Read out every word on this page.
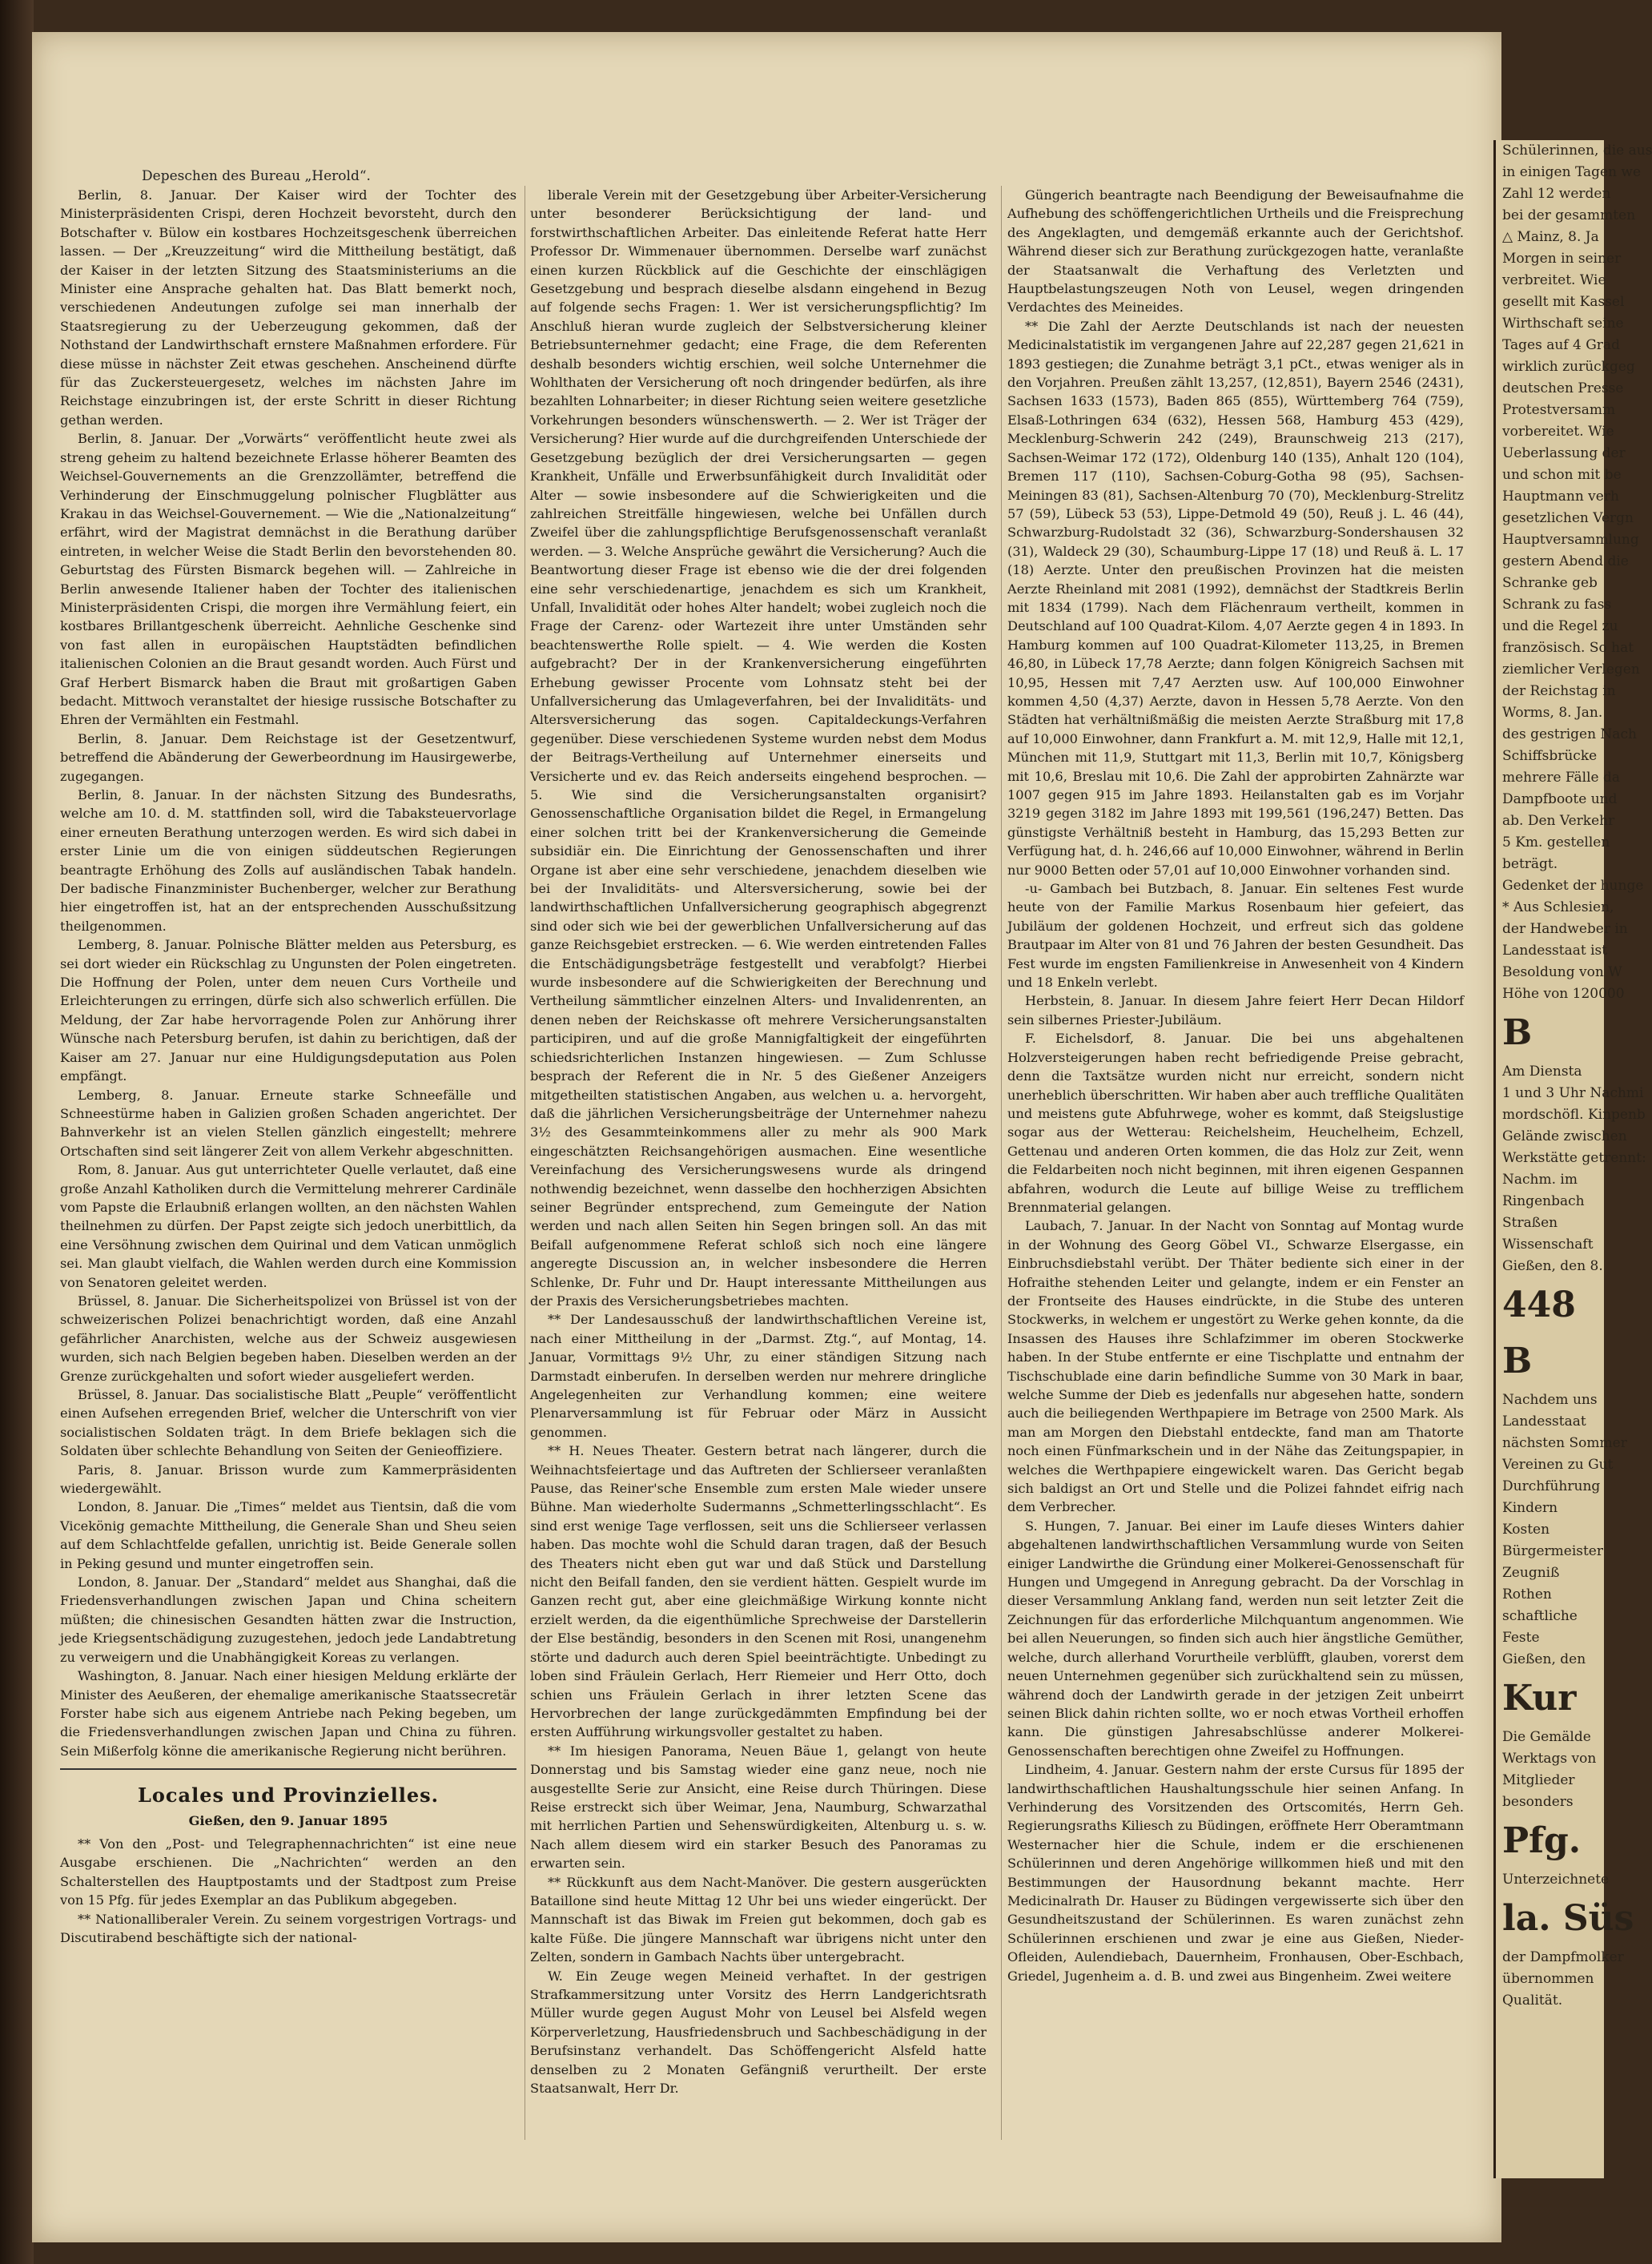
Depeschen des Bureau „Herold“.

Berlin, 8. Januar. Der Kaiser wird der Tochter des Ministerpräsidenten Crispi, deren Hochzeit bevorsteht, durch den Botschafter v. Bülow ein kostbares Hochzeitsgeschenk überreichen lassen. — Der „Kreuzzeitung“ wird die Mittheilung bestätigt, daß der Kaiser in der letzten Sitzung des Staatsministeriums an die Minister eine Ansprache gehalten hat. Das Blatt bemerkt noch, verschiedenen Andeutungen zufolge sei man innerhalb der Staatsregierung zu der Ueberzeugung gekommen, daß der Nothstand der Landwirthschaft ernstere Maßnahmen erfordere. Für diese müsse in nächster Zeit etwas geschehen. Anscheinend dürfte für das Zuckersteuergesetz, welches im nächsten Jahre im Reichstage einzubringen ist, der erste Schritt in dieser Richtung gethan werden.

Berlin, 8. Januar. Der „Vorwärts“ veröffentlicht heute zwei als streng geheim zu haltend bezeichnete Erlasse höherer Beamten des Weichsel-Gouvernements an die Grenzzollämter, betreffend die Verhinderung der Einschmuggelung polnischer Flugblätter aus Krakau in das Weichsel-Gouvernement. — Wie die „Nationalzeitung“ erfährt, wird der Magistrat demnächst in die Berathung darüber eintreten, in welcher Weise die Stadt Berlin den bevorstehenden 80. Geburtstag des Fürsten Bismarck begehen will. — Zahlreiche in Berlin anwesende Italiener haben der Tochter des italienischen Ministerpräsidenten Crispi, die morgen ihre Vermählung feiert, ein kostbares Brillantgeschenk überreicht. Aehnliche Geschenke sind von fast allen in europäischen Hauptstädten befindlichen italienischen Colonien an die Braut gesandt worden. Auch Fürst und Graf Herbert Bismarck haben die Braut mit großartigen Gaben bedacht. Mittwoch veranstaltet der hiesige russische Botschafter zu Ehren der Vermählten ein Festmahl.

Berlin, 8. Januar. Dem Reichstage ist der Gesetzentwurf, betreffend die Abänderung der Gewerbeordnung im Hausirgewerbe, zugegangen.

Berlin, 8. Januar. In der nächsten Sitzung des Bundesraths, welche am 10. d. M. stattfinden soll, wird die Tabaksteuervorlage einer erneuten Berathung unterzogen werden. Es wird sich dabei in erster Linie um die von einigen süddeutschen Regierungen beantragte Erhöhung des Zolls auf ausländischen Tabak handeln. Der badische Finanzminister Buchenberger, welcher zur Berathung hier eingetroffen ist, hat an der entsprechenden Ausschußsitzung theilgenommen.

Lemberg, 8. Januar. Polnische Blätter melden aus Petersburg, es sei dort wieder ein Rückschlag zu Ungunsten der Polen eingetreten. Die Hoffnung der Polen, unter dem neuen Curs Vortheile und Erleichterungen zu erringen, dürfe sich also schwerlich erfüllen. Die Meldung, der Zar habe hervorragende Polen zur Anhörung ihrer Wünsche nach Petersburg berufen, ist dahin zu berichtigen, daß der Kaiser am 27. Januar nur eine Huldigungsdeputation aus Polen empfängt.

Lemberg, 8. Januar. Erneute starke Schneefälle und Schneestürme haben in Galizien großen Schaden angerichtet. Der Bahnverkehr ist an vielen Stellen gänzlich eingestellt; mehrere Ortschaften sind seit längerer Zeit von allem Verkehr abgeschnitten.

Rom, 8. Januar. Aus gut unterrichteter Quelle verlautet, daß eine große Anzahl Katholiken durch die Vermittelung mehrerer Cardinäle vom Papste die Erlaubniß erlangen wollten, an den nächsten Wahlen theilnehmen zu dürfen. Der Papst zeigte sich jedoch unerbittlich, da eine Versöhnung zwischen dem Quirinal und dem Vatican unmöglich sei. Man glaubt vielfach, die Wahlen werden durch eine Kommission von Senatoren geleitet werden.

Brüssel, 8. Januar. Die Sicherheitspolizei von Brüssel ist von der schweizerischen Polizei benachrichtigt worden, daß eine Anzahl gefährlicher Anarchisten, welche aus der Schweiz ausgewiesen wurden, sich nach Belgien begeben haben. Dieselben werden an der Grenze zurückgehalten und sofort wieder ausgeliefert werden.

Brüssel, 8. Januar. Das socialistische Blatt „Peuple“ veröffentlicht einen Aufsehen erregenden Brief, welcher die Unterschrift von vier socialistischen Soldaten trägt. In dem Briefe beklagen sich die Soldaten über schlechte Behandlung von Seiten der Genieoffiziere.

Paris, 8. Januar. Brisson wurde zum Kammerpräsidenten wiedergewählt.

London, 8. Januar. Die „Times“ meldet aus Tientsin, daß die vom Vicekönig gemachte Mittheilung, die Generale Shan und Sheu seien auf dem Schlachtfelde gefallen, unrichtig ist. Beide Generale sollen in Peking gesund und munter eingetroffen sein.

London, 8. Januar. Der „Standard“ meldet aus Shanghai, daß die Friedensverhandlungen zwischen Japan und China scheitern müßten; die chinesischen Gesandten hätten zwar die Instruction, jede Kriegsentschädigung zuzugestehen, jedoch jede Landabtretung zu verweigern und die Unabhängigkeit Koreas zu verlangen.

Washington, 8. Januar. Nach einer hiesigen Meldung erklärte der Minister des Aeußeren, der ehemalige amerikanische Staatssecretär Forster habe sich aus eigenem Antriebe nach Peking begeben, um die Friedensverhandlungen zwischen Japan und China zu führen. Sein Mißerfolg könne die amerikanische Regierung nicht berühren.

Locales und Provinzielles.
Gießen, den 9. Januar 1895

** Von den „Post- und Telegraphennachrichten“ ist eine neue Ausgabe erschienen. Die „Nachrichten“ werden an den Schalterstellen des Hauptpostamts und der Stadtpost zum Preise von 15 Pfg. für jedes Exemplar an das Publikum abgegeben.

** Nationalliberaler Verein. Zu seinem vorgestrigen Vortrags- und Discutirabend beschäftigte sich der national-

liberale Verein mit der Gesetzgebung über Arbeiter-Versicherung unter besonderer Berücksichtigung der land- und forstwirthschaftlichen Arbeiter. Das einleitende Referat hatte Herr Professor Dr. Wimmenauer übernommen. Derselbe warf zunächst einen kurzen Rückblick auf die Geschichte der einschlägigen Gesetzgebung und besprach dieselbe alsdann eingehend in Bezug auf folgende sechs Fragen: 1. Wer ist versicherungspflichtig? Im Anschluß hieran wurde zugleich der Selbstversicherung kleiner Betriebsunternehmer gedacht; eine Frage, die dem Referenten deshalb besonders wichtig erschien, weil solche Unternehmer die Wohlthaten der Versicherung oft noch dringender bedürfen, als ihre bezahlten Lohnarbeiter; in dieser Richtung seien weitere gesetzliche Vorkehrungen besonders wünschenswerth. — 2. Wer ist Träger der Versicherung? Hier wurde auf die durchgreifenden Unterschiede der Gesetzgebung bezüglich der drei Versicherungsarten — gegen Krankheit, Unfälle und Erwerbsunfähigkeit durch Invalidität oder Alter — sowie insbesondere auf die Schwierigkeiten und die zahlreichen Streitfälle hingewiesen, welche bei Unfällen durch Zweifel über die zahlungspflichtige Berufsgenossenschaft veranlaßt werden. — 3. Welche Ansprüche gewährt die Versicherung? Auch die Beantwortung dieser Frage ist ebenso wie die der drei folgenden eine sehr verschiedenartige, jenachdem es sich um Krankheit, Unfall, Invalidität oder hohes Alter handelt; wobei zugleich noch die Frage der Carenz- oder Wartezeit ihre unter Umständen sehr beachtenswerthe Rolle spielt. — 4. Wie werden die Kosten aufgebracht? Der in der Krankenversicherung eingeführten Erhebung gewisser Procente vom Lohnsatz steht bei der Unfallversicherung das Umlageverfahren, bei der Invaliditäts- und Altersversicherung das sogen. Capitaldeckungs-Verfahren gegenüber. Diese verschiedenen Systeme wurden nebst dem Modus der Beitrags-Vertheilung auf Unternehmer einerseits und Versicherte und ev. das Reich anderseits eingehend besprochen. — 5. Wie sind die Versicherungsanstalten organisirt? Genossenschaftliche Organisation bildet die Regel, in Ermangelung einer solchen tritt bei der Krankenversicherung die Gemeinde subsidiär ein. Die Einrichtung der Genossenschaften und ihrer Organe ist aber eine sehr verschiedene, jenachdem dieselben wie bei der Invaliditäts- und Altersversicherung, sowie bei der landwirthschaftlichen Unfallversicherung geographisch abgegrenzt sind oder sich wie bei der gewerblichen Unfallversicherung auf das ganze Reichsgebiet erstrecken. — 6. Wie werden eintretenden Falles die Entschädigungsbeträge festgestellt und verabfolgt? Hierbei wurde insbesondere auf die Schwierigkeiten der Berechnung und Vertheilung sämmtlicher einzelnen Alters- und Invalidenrenten, an denen neben der Reichskasse oft mehrere Versicherungsanstalten participiren, und auf die große Mannigfaltigkeit der eingeführten schiedsrichterlichen Instanzen hingewiesen. — Zum Schlusse besprach der Referent die in Nr. 5 des Gießener Anzeigers mitgetheilten statistischen Angaben, aus welchen u. a. hervorgeht, daß die jährlichen Versicherungsbeiträge der Unternehmer nahezu 3½ des Gesammteinkommens aller zu mehr als 900 Mark eingeschätzten Reichsangehörigen ausmachen. Eine wesentliche Vereinfachung des Versicherungswesens wurde als dringend nothwendig bezeichnet, wenn dasselbe den hochherzigen Absichten seiner Begründer entsprechend, zum Gemeingute der Nation werden und nach allen Seiten hin Segen bringen soll. An das mit Beifall aufgenommene Referat schloß sich noch eine längere angeregte Discussion an, in welcher insbesondere die Herren Schlenke, Dr. Fuhr und Dr. Haupt interessante Mittheilungen aus der Praxis des Versicherungsbetriebes machten.

** Der Landesausschuß der landwirthschaftlichen Vereine ist, nach einer Mittheilung in der „Darmst. Ztg.“, auf Montag, 14. Januar, Vormittags 9½ Uhr, zu einer ständigen Sitzung nach Darmstadt einberufen. In derselben werden nur mehrere dringliche Angelegenheiten zur Verhandlung kommen; eine weitere Plenarversammlung ist für Februar oder März in Aussicht genommen.

** H. Neues Theater. Gestern betrat nach längerer, durch die Weihnachtsfeiertage und das Auftreten der Schlierseer veranlaßten Pause, das Reiner'sche Ensemble zum ersten Male wieder unsere Bühne. Man wiederholte Sudermanns „Schmetterlingsschlacht“. Es sind erst wenige Tage verflossen, seit uns die Schlierseer verlassen haben. Das mochte wohl die Schuld daran tragen, daß der Besuch des Theaters nicht eben gut war und daß Stück und Darstellung nicht den Beifall fanden, den sie verdient hätten. Gespielt wurde im Ganzen recht gut, aber eine gleichmäßige Wirkung konnte nicht erzielt werden, da die eigenthümliche Sprechweise der Darstellerin der Else beständig, besonders in den Scenen mit Rosi, unangenehm störte und dadurch auch deren Spiel beeinträchtigte. Unbedingt zu loben sind Fräulein Gerlach, Herr Riemeier und Herr Otto, doch schien uns Fräulein Gerlach in ihrer letzten Scene das Hervorbrechen der lange zurückgedämmten Empfindung bei der ersten Aufführung wirkungsvoller gestaltet zu haben.

** Im hiesigen Panorama, Neuen Bäue 1, gelangt von heute Donnerstag und bis Samstag wieder eine ganz neue, noch nie ausgestellte Serie zur Ansicht, eine Reise durch Thüringen. Diese Reise erstreckt sich über Weimar, Jena, Naumburg, Schwarzathal mit herrlichen Partien und Sehenswürdigkeiten, Altenburg u. s. w. Nach allem diesem wird ein starker Besuch des Panoramas zu erwarten sein.

** Rückkunft aus dem Nacht-Manöver. Die gestern ausgerückten Bataillone sind heute Mittag 12 Uhr bei uns wieder eingerückt. Der Mannschaft ist das Biwak im Freien gut bekommen, doch gab es kalte Füße. Die jüngere Mannschaft war übrigens nicht unter den Zelten, sondern in Gambach Nachts über untergebracht.

W. Ein Zeuge wegen Meineid verhaftet. In der gestrigen Strafkammersitzung unter Vorsitz des Herrn Landgerichtsrath Müller wurde gegen August Mohr von Leusel bei Alsfeld wegen Körperverletzung, Hausfriedensbruch und Sachbeschädigung in der Berufsinstanz verhandelt. Das Schöffengericht Alsfeld hatte denselben zu 2 Monaten Gefängniß verurtheilt. Der erste Staatsanwalt, Herr Dr.

Güngerich beantragte nach Beendigung der Beweisaufnahme die Aufhebung des schöffengerichtlichen Urtheils und die Freisprechung des Angeklagten, und demgemäß erkannte auch der Gerichtshof. Während dieser sich zur Berathung zurückgezogen hatte, veranlaßte der Staatsanwalt die Verhaftung des Verletzten und Hauptbelastungszeugen Noth von Leusel, wegen dringenden Verdachtes des Meineides.

** Die Zahl der Aerzte Deutschlands ist nach der neuesten Medicinalstatistik im vergangenen Jahre auf 22,287 gegen 21,621 in 1893 gestiegen; die Zunahme beträgt 3,1 pCt., etwas weniger als in den Vorjahren. Preußen zählt 13,257, (12,851), Bayern 2546 (2431), Sachsen 1633 (1573), Baden 865 (855), Württemberg 764 (759), Elsaß-Lothringen 634 (632), Hessen 568, Hamburg 453 (429), Mecklenburg-Schwerin 242 (249), Braunschweig 213 (217), Sachsen-Weimar 172 (172), Oldenburg 140 (135), Anhalt 120 (104), Bremen 117 (110), Sachsen-Coburg-Gotha 98 (95), Sachsen-Meiningen 83 (81), Sachsen-Altenburg 70 (70), Mecklenburg-Strelitz 57 (59), Lübeck 53 (53), Lippe-Detmold 49 (50), Reuß j. L. 46 (44), Schwarzburg-Rudolstadt 32 (36), Schwarzburg-Sondershausen 32 (31), Waldeck 29 (30), Schaumburg-Lippe 17 (18) und Reuß ä. L. 17 (18) Aerzte. Unter den preußischen Provinzen hat die meisten Aerzte Rheinland mit 2081 (1992), demnächst der Stadtkreis Berlin mit 1834 (1799). Nach dem Flächenraum vertheilt, kommen in Deutschland auf 100 Quadrat-Kilom. 4,07 Aerzte gegen 4 in 1893. In Hamburg kommen auf 100 Quadrat-Kilometer 113,25, in Bremen 46,80, in Lübeck 17,78 Aerzte; dann folgen Königreich Sachsen mit 10,95, Hessen mit 7,47 Aerzten usw. Auf 100,000 Einwohner kommen 4,50 (4,37) Aerzte, davon in Hessen 5,78 Aerzte. Von den Städten hat verhältnißmäßig die meisten Aerzte Straßburg mit 17,8 auf 10,000 Einwohner, dann Frankfurt a. M. mit 12,9, Halle mit 12,1, München mit 11,9, Stuttgart mit 11,3, Berlin mit 10,7, Königsberg mit 10,6, Breslau mit 10,6. Die Zahl der approbirten Zahnärzte war 1007 gegen 915 im Jahre 1893. Heilanstalten gab es im Vorjahr 3219 gegen 3182 im Jahre 1893 mit 199,561 (196,247) Betten. Das günstigste Verhältniß besteht in Hamburg, das 15,293 Betten zur Verfügung hat, d. h. 246,66 auf 10,000 Einwohner, während in Berlin nur 9000 Betten oder 57,01 auf 10,000 Einwohner vorhanden sind.

-u- Gambach bei Butzbach, 8. Januar. Ein seltenes Fest wurde heute von der Familie Markus Rosenbaum hier gefeiert, das Jubiläum der goldenen Hochzeit, und erfreut sich das goldene Brautpaar im Alter von 81 und 76 Jahren der besten Gesundheit. Das Fest wurde im engsten Familienkreise in Anwesenheit von 4 Kindern und 18 Enkeln verlebt.

Herbstein, 8. Januar. In diesem Jahre feiert Herr Decan Hildorf sein silbernes Priester-Jubiläum.

F. Eichelsdorf, 8. Januar. Die bei uns abgehaltenen Holzversteigerungen haben recht befriedigende Preise gebracht, denn die Taxtsätze wurden nicht nur erreicht, sondern nicht unerheblich überschritten. Wir haben aber auch treffliche Qualitäten und meistens gute Abfuhrwege, woher es kommt, daß Steigslustige sogar aus der Wetterau: Reichelsheim, Heuchelheim, Echzell, Gettenau und anderen Orten kommen, die das Holz zur Zeit, wenn die Feldarbeiten noch nicht beginnen, mit ihren eigenen Gespannen abfahren, wodurch die Leute auf billige Weise zu trefflichem Brennmaterial gelangen.

Laubach, 7. Januar. In der Nacht von Sonntag auf Montag wurde in der Wohnung des Georg Göbel VI., Schwarze Elsergasse, ein Einbruchsdiebstahl verübt. Der Thäter bediente sich einer in der Hofraithe stehenden Leiter und gelangte, indem er ein Fenster an der Frontseite des Hauses eindrückte, in die Stube des unteren Stockwerks, in welchem er ungestört zu Werke gehen konnte, da die Insassen des Hauses ihre Schlafzimmer im oberen Stockwerke haben. In der Stube entfernte er eine Tischplatte und entnahm der Tischschublade eine darin befindliche Summe von 30 Mark in baar, welche Summe der Dieb es jedenfalls nur abgesehen hatte, sondern auch die beiliegenden Werthpapiere im Betrage von 2500 Mark. Als man am Morgen den Diebstahl entdeckte, fand man am Thatorte noch einen Fünfmarkschein und in der Nähe das Zeitungspapier, in welches die Werthpapiere eingewickelt waren. Das Gericht begab sich baldigst an Ort und Stelle und die Polizei fahndet eifrig nach dem Verbrecher.

S. Hungen, 7. Januar. Bei einer im Laufe dieses Winters dahier abgehaltenen landwirthschaftlichen Versammlung wurde von Seiten einiger Landwirthe die Gründung einer Molkerei-Genossenschaft für Hungen und Umgegend in Anregung gebracht. Da der Vorschlag in dieser Versammlung Anklang fand, werden nun seit letzter Zeit die Zeichnungen für das erforderliche Milchquantum angenommen. Wie bei allen Neuerungen, so finden sich auch hier ängstliche Gemüther, welche, durch allerhand Vorurtheile verblüfft, glauben, vorerst dem neuen Unternehmen gegenüber sich zurückhaltend sein zu müssen, während doch der Landwirth gerade in der jetzigen Zeit unbeirrt seinen Blick dahin richten sollte, wo er noch etwas Vortheil erhoffen kann. Die günstigen Jahresabschlüsse anderer Molkerei-Genossenschaften berechtigen ohne Zweifel zu Hoffnungen.

Lindheim, 4. Januar. Gestern nahm der erste Cursus für 1895 der landwirthschaftlichen Haushaltungsschule hier seinen Anfang. In Verhinderung des Vorsitzenden des Ortscomités, Herrn Geh. Regierungsraths Kiliesch zu Büdingen, eröffnete Herr Oberamtmann Westernacher hier die Schule, indem er die erschienenen Schülerinnen und deren Angehörige willkommen hieß und mit den Bestimmungen der Hausordnung bekannt machte. Herr Medicinalrath Dr. Hauser zu Büdingen vergewisserte sich über den Gesundheitszustand der Schülerinnen. Es waren zunächst zehn Schülerinnen erschienen und zwar je eine aus Gießen, Nieder-Ofleiden, Aulendiebach, Dauernheim, Fronhausen, Ober-Eschbach, Griedel, Jugenheim a. d. B. und zwei aus Bingenheim. Zwei weitere

Schülerinnen, die aus

in einigen Tagen we

Zahl 12 werden

bei der gesammten

△ Mainz, 8. Ja

Morgen in seiner

verbreitet. Wie

gesellt mit Kassel

Wirthschaft seine

Tages auf 4 Grad

wirklich zurückgeg

deutschen Presse

Protestversamm

vorbereitet. Wie

Ueberlassung der

und schon mit be

Hauptmann verh

gesetzlichen Vergn

Hauptversammlung

gestern Abend die

Schranke geb

Schrank zu fass

und die Regel zu

französisch. So hat

ziemlicher Verlegen

der Reichstag in

Worms, 8. Jan.

des gestrigen Nach

Schiffsbrücke

mehrere Fälle da

Dampfboote und

ab. Den Verkehr

5 Km. gestellen

beträgt.

Gedenket der hunge

* Aus Schlesien,

der Handweber in

Landesstaat ist

Besoldung von W

Höhe von 120000

B

Am Diensta

1 und 3 Uhr Nachmi

mordschöfl. Kinpenb

Gelände zwischen

Werkstätte getrennt:

Nachm. im

Ringenbach

Straßen

Wissenschaft

Gießen, den 8.

448

B

Nachdem uns

Landesstaat

nächsten Sommer

Vereinen zu Gut

Durchführung

Kindern

Kosten

Bürgermeister

Zeugniß

Rothen

schaftliche

Feste

Gießen, den

Kur

Die Gemälde

Werktags von

Mitglieder

besonders

Pfg.

Unterzeichnete

la. Süs

der Dampfmolker

übernommen

Qualität.
